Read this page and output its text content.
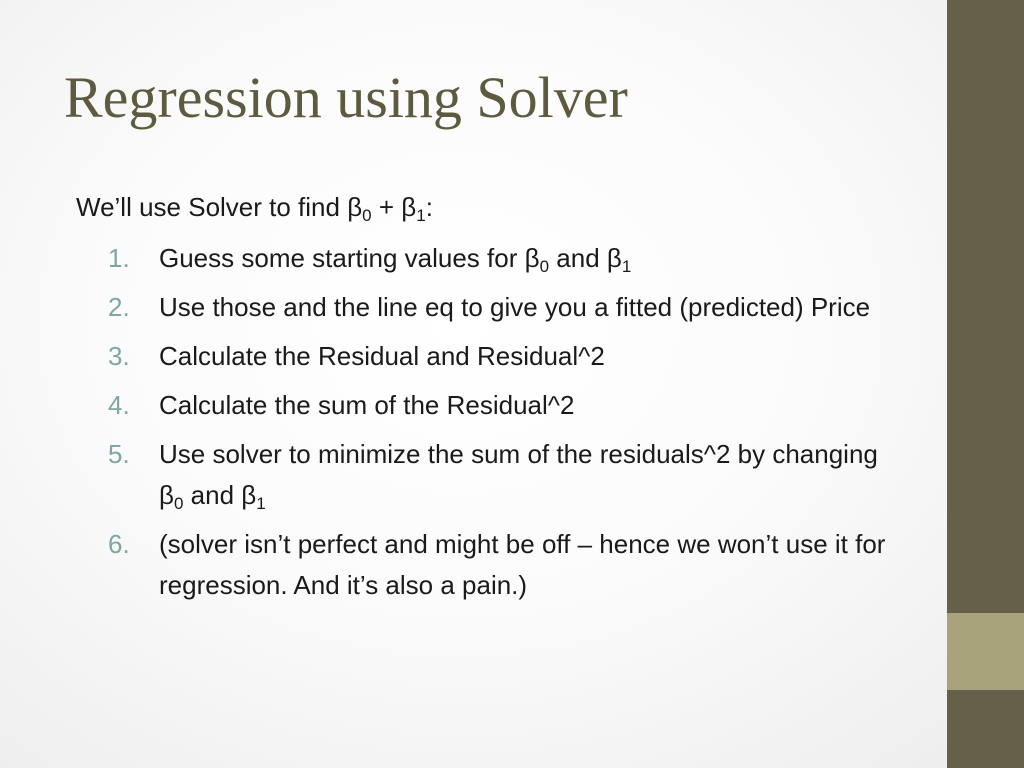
Regression using Solver
We’ll use Solver to find $\beta_0 + \beta_1$:
1. Guess some starting values for $\beta_0$ and $\beta_1$
2. Use those and the line eq to give you a fitted (predicted) Price
3. Calculate the Residual and Residual^2
4. Calculate the sum of the Residual^2
5. Use solver to minimize the sum of the residuals^2 by changing $\beta_0$ and $\beta_1$
6. (solver isn’t perfect and might be off – hence we won’t use it for regression. And it’s also a pain.)
